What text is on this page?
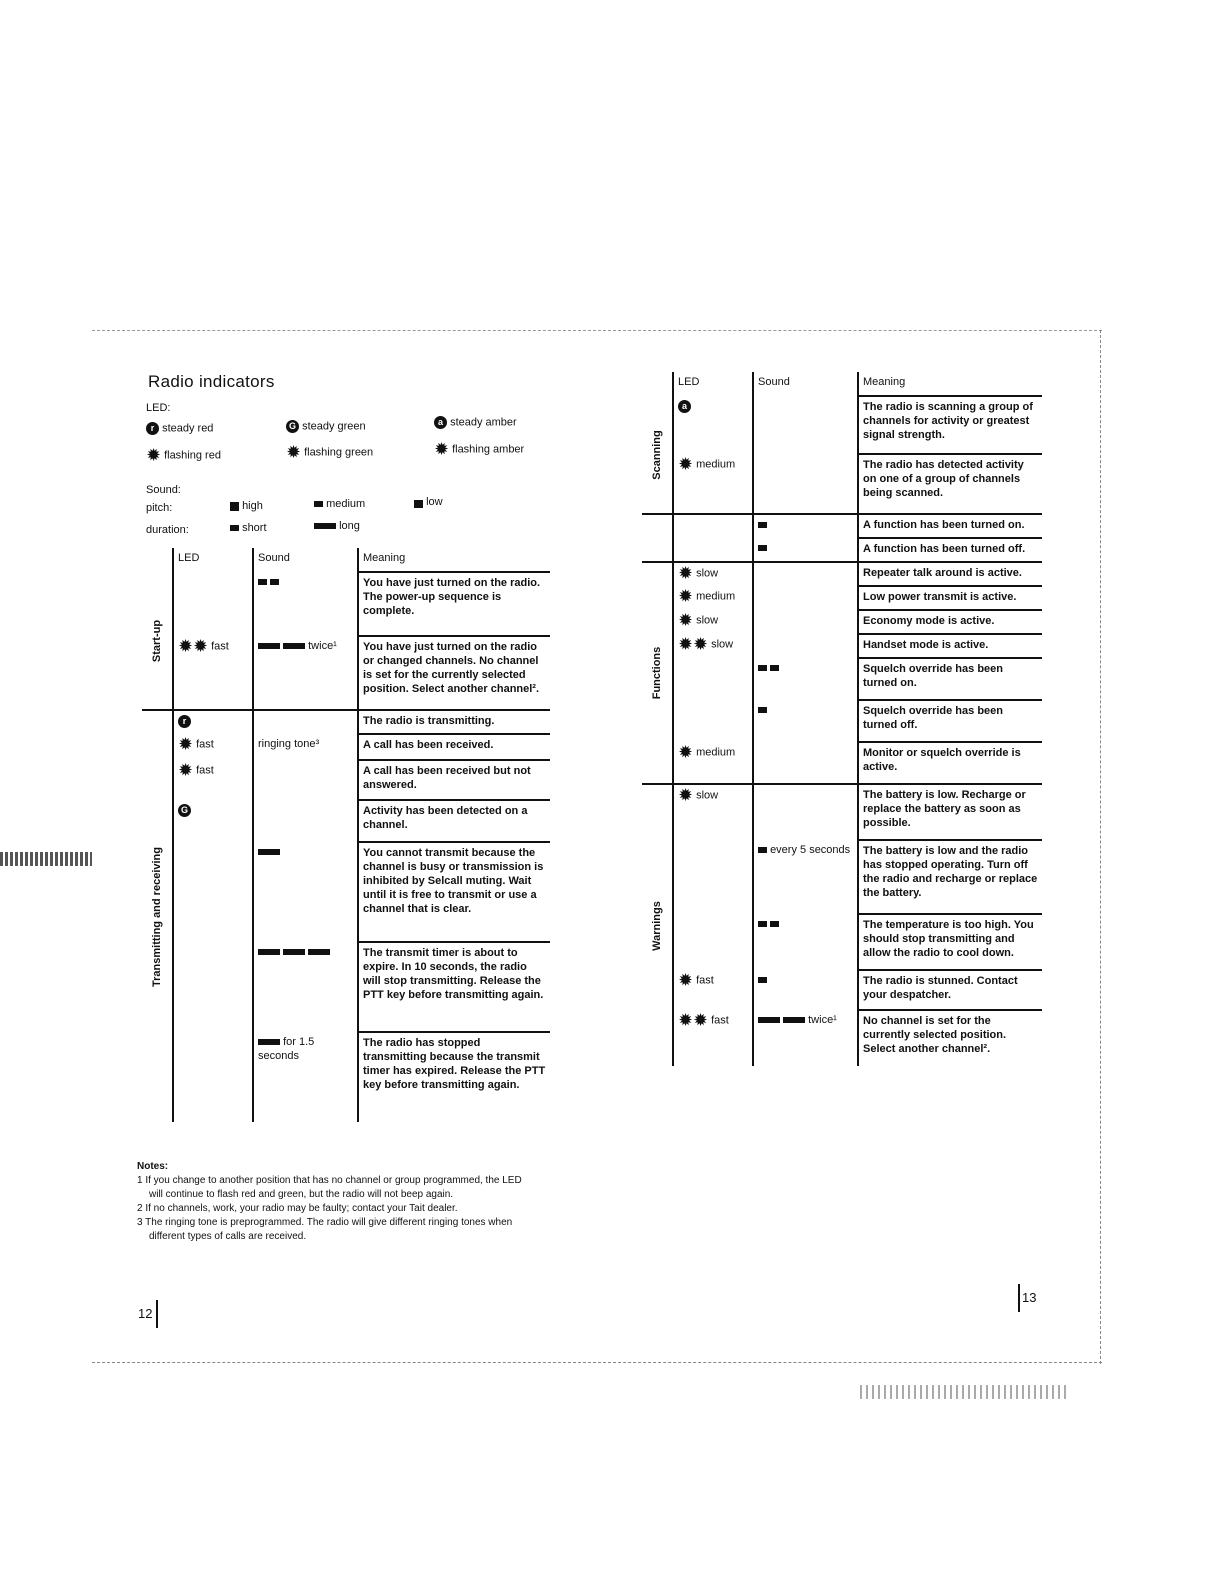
Radio indicators
LED:
r steady red	G steady green	a steady amber
✹ flashing red	✹ flashing green	✹ flashing amber
Sound:
pitch:	high	medium	low
duration:	short	long
	LED	Sound	Meaning

Start-up			You have just turned on the radio. The power-up sequence is complete.
	✹ ✹ fast	twice¹	You have just turned on the radio or changed channels. No channel is set for the currently selected position. Select another channel².

Transmitting and receiving	r		The radio is transmitting.
	✹ fast	ringing tone³	A call has been received.
	✹ fast		A call has been received but not answered.
	G		Activity has been detected on a channel.
			You cannot transmit because the channel is busy or transmission is inhibited by Selcall muting. Wait until it is free to transmit or use a channel that is clear.
			The transmit timer is about to expire. In 10 seconds, the radio will stop transmitting. Release the PTT key before transmitting again.
		for 1.5 seconds	The radio has stopped transmitting because the transmit timer has expired. Release the PTT key before transmitting again.
	LED	Sound	Meaning

Scanning	a		The radio is scanning a group of channels for activity or greatest signal strength.
	✹ medium		The radio has detected activity on one of a group of channels being scanned.
			A function has been turned on.
			A function has been turned off.

Functions	✹ slow		Repeater talk around is active.
	✹ medium		Low power transmit is active.
	✹ slow		Economy mode is active.
	✹ ✹ slow		Handset mode is active.
			Squelch override has been turned on.
			Squelch override has been turned off.
	✹ medium		Monitor or squelch override is active.

Warnings	✹ slow		The battery is low. Recharge or replace the battery as soon as possible.
		every 5 seconds	The battery is low and the radio has stopped operating. Turn off the radio and recharge or replace the battery.
			The temperature is too high. You should stop transmitting and allow the radio to cool down.
	✹ fast		The radio is stunned. Contact your despatcher.
	✹ ✹ fast	twice¹	No channel is set for the currently selected position. Select another channel².
Notes:
1 If you change to another position that has no channel or group programmed, the LED will continue to flash red and green, but the radio will not beep again.
2 If no channels, work, your radio may be faulty; contact your Tait dealer.
3 The ringing tone is preprogrammed. The radio will give different ringing tones when different types of calls are received.
12
13
